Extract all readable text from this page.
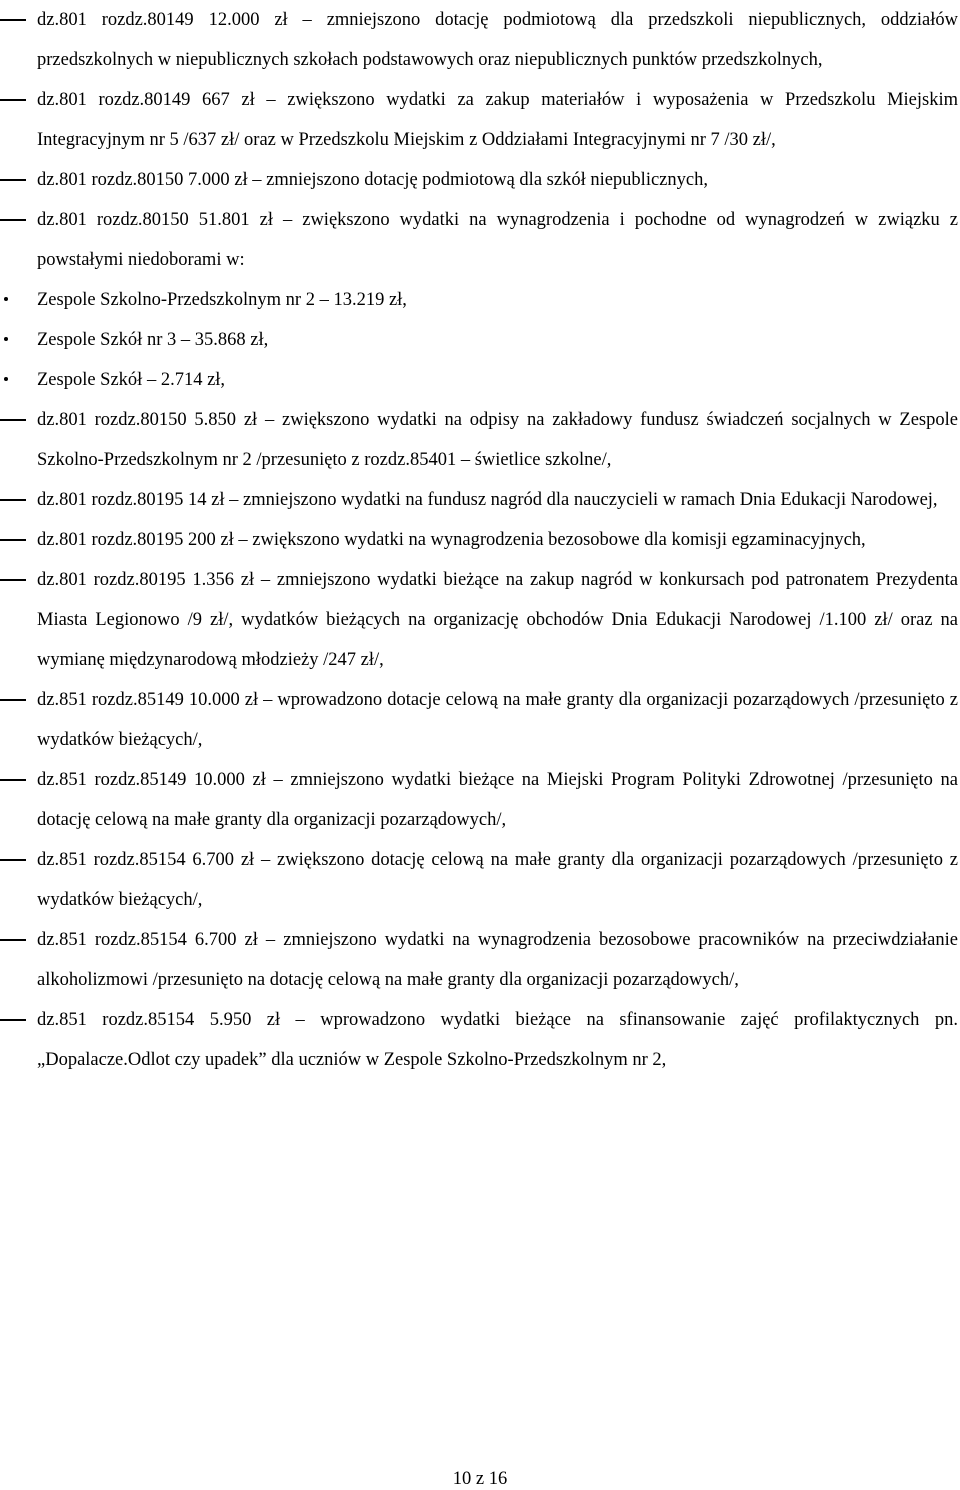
dz.801 rozdz.80149 12.000 zł – zmniejszono dotację podmiotową dla przedszkoli niepublicznych, oddziałów przedszkolnych w niepublicznych szkołach podstawowych oraz niepublicznych punktów przedszkolnych,
dz.801 rozdz.80149 667 zł – zwiększono wydatki za zakup materiałów i wyposażenia w Przedszkolu Miejskim Integracyjnym nr 5 /637 zł/ oraz w Przedszkolu Miejskim z Oddziałami Integracyjnymi nr 7 /30 zł/,
dz.801 rozdz.80150 7.000 zł – zmniejszono dotację podmiotową dla szkół niepublicznych,
dz.801 rozdz.80150 51.801 zł – zwiększono wydatki na wynagrodzenia i pochodne od wynagrodzeń w związku z powstałymi niedoborami w:
Zespole Szkolno-Przedszkolnym nr 2 – 13.219 zł,
Zespole Szkół nr 3 – 35.868 zł,
Zespole Szkół – 2.714 zł,
dz.801 rozdz.80150 5.850 zł – zwiększono wydatki na odpisy na zakładowy fundusz świadczeń socjalnych w Zespole Szkolno-Przedszkolnym nr 2 /przesunięto z rozdz.85401 – świetlice szkolne/,
dz.801 rozdz.80195 14 zł – zmniejszono wydatki na fundusz nagród dla nauczycieli w ramach Dnia Edukacji Narodowej,
dz.801 rozdz.80195 200 zł – zwiększono wydatki na wynagrodzenia bezosobowe dla komisji egzaminacyjnych,
dz.801 rozdz.80195 1.356 zł – zmniejszono wydatki bieżące na zakup nagród w konkursach pod patronatem Prezydenta Miasta Legionowo /9 zł/, wydatków bieżących na organizację obchodów Dnia Edukacji Narodowej /1.100 zł/ oraz na wymianę międzynarodową młodzieży /247 zł/,
dz.851 rozdz.85149 10.000 zł – wprowadzono dotacje celową na małe granty dla organizacji pozarządowych /przesunięto z wydatków bieżących/,
dz.851 rozdz.85149 10.000 zł – zmniejszono wydatki bieżące na Miejski Program Polityki Zdrowotnej /przesunięto na dotację celową na małe granty dla organizacji pozarządowych/,
dz.851 rozdz.85154 6.700 zł – zwiększono dotację celową na małe granty dla organizacji pozarządowych /przesunięto z wydatków bieżących/,
dz.851 rozdz.85154 6.700 zł – zmniejszono wydatki na wynagrodzenia bezosobowe pracowników na przeciwdziałanie alkoholizmowi /przesunięto na dotację celową na małe granty dla organizacji pozarządowych/,
dz.851 rozdz.85154 5.950 zł – wprowadzono wydatki bieżące na sfinansowanie zajęć profilaktycznych pn. „Dopalacze.Odlot czy upadek” dla uczniów w Zespole Szkolno-Przedszkolnym nr 2,
10 z 16
